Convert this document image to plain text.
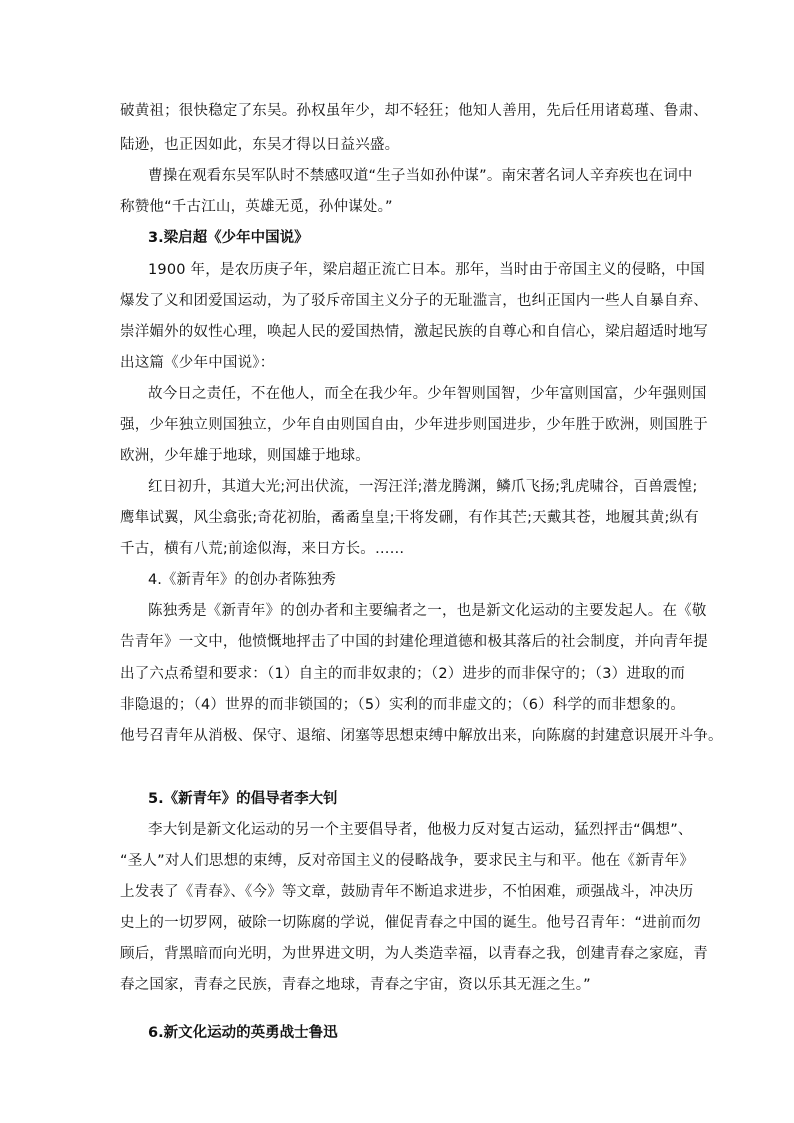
破黄祖；很快稳定了东吴。孙权虽年少，却不轻狂；他知人善用，先后任用诸葛瑾、鲁肃、
陆逊，也正因如此，东吴才得以日益兴盛。
曹操在观看东吴军队时不禁感叹道“生子当如孙仲谋”。南宋著名词人辛弃疾也在词中
称赞他“千古江山，英雄无觅，孙仲谋处。”
3.梁启超《少年中国说》
1900 年，是农历庚子年，梁启超正流亡日本。那年，当时由于帝国主义的侵略，中国
爆发了义和团爱国运动，为了驳斥帝国主义分子的无耻滥言，也纠正国内一些人自暴自弃、
崇洋媚外的奴性心理，唤起人民的爱国热情，激起民族的自尊心和自信心，梁启超适时地写
出这篇《少年中国说》：
故今日之责任，不在他人，而全在我少年。少年智则国智，少年富则国富，少年强则国
强，少年独立则国独立，少年自由则国自由，少年进步则国进步，少年胜于欧洲，则国胜于
欧洲，少年雄于地球，则国雄于地球。
红日初升，其道大光;河出伏流，一泻汪洋;潜龙腾渊，鳞爪飞扬;乳虎啸谷，百兽震惶;
鹰隼试翼，风尘翕张;奇花初胎，矞矞皇皇;干将发硎，有作其芒;天戴其苍，地履其黄;纵有
千古，横有八荒;前途似海，来日方长。……
4.《新青年》的创办者陈独秀
陈独秀是《新青年》的创办者和主要编者之一，也是新文化运动的主要发起人。在《敬
告青年》一文中，他愤慨地抨击了中国的封建伦理道德和极其落后的社会制度，并向青年提
出了六点希望和要求：（1）自主的而非奴隶的；（2）进步的而非保守的；（3）进取的而
非隐退的；（4）世界的而非锁国的；（5）实利的而非虚文的；（6）科学的而非想象的。
他号召青年从消极、保守、退缩、闭塞等思想束缚中解放出来，向陈腐的封建意识展开斗争。
5.《新青年》的倡导者李大钊
李大钊是新文化运动的另一个主要倡导者，他极力反对复古运动，猛烈抨击“偶想”、
“圣人”对人们思想的束缚，反对帝国主义的侵略战争，要求民主与和平。他在《新青年》
上发表了《青春》、《今》等文章，鼓励青年不断追求进步，不怕困难，顽强战斗，冲决历
史上的一切罗网，破除一切陈腐的学说，催促青春之中国的诞生。他号召青年：“进前而勿
顾后，背黑暗而向光明，为世界进文明，为人类造幸福，以青春之我，创建青春之家庭，青
春之国家，青春之民族，青春之地球，青春之宇宙，资以乐其无涯之生。”
6.新文化运动的英勇战士鲁迅
